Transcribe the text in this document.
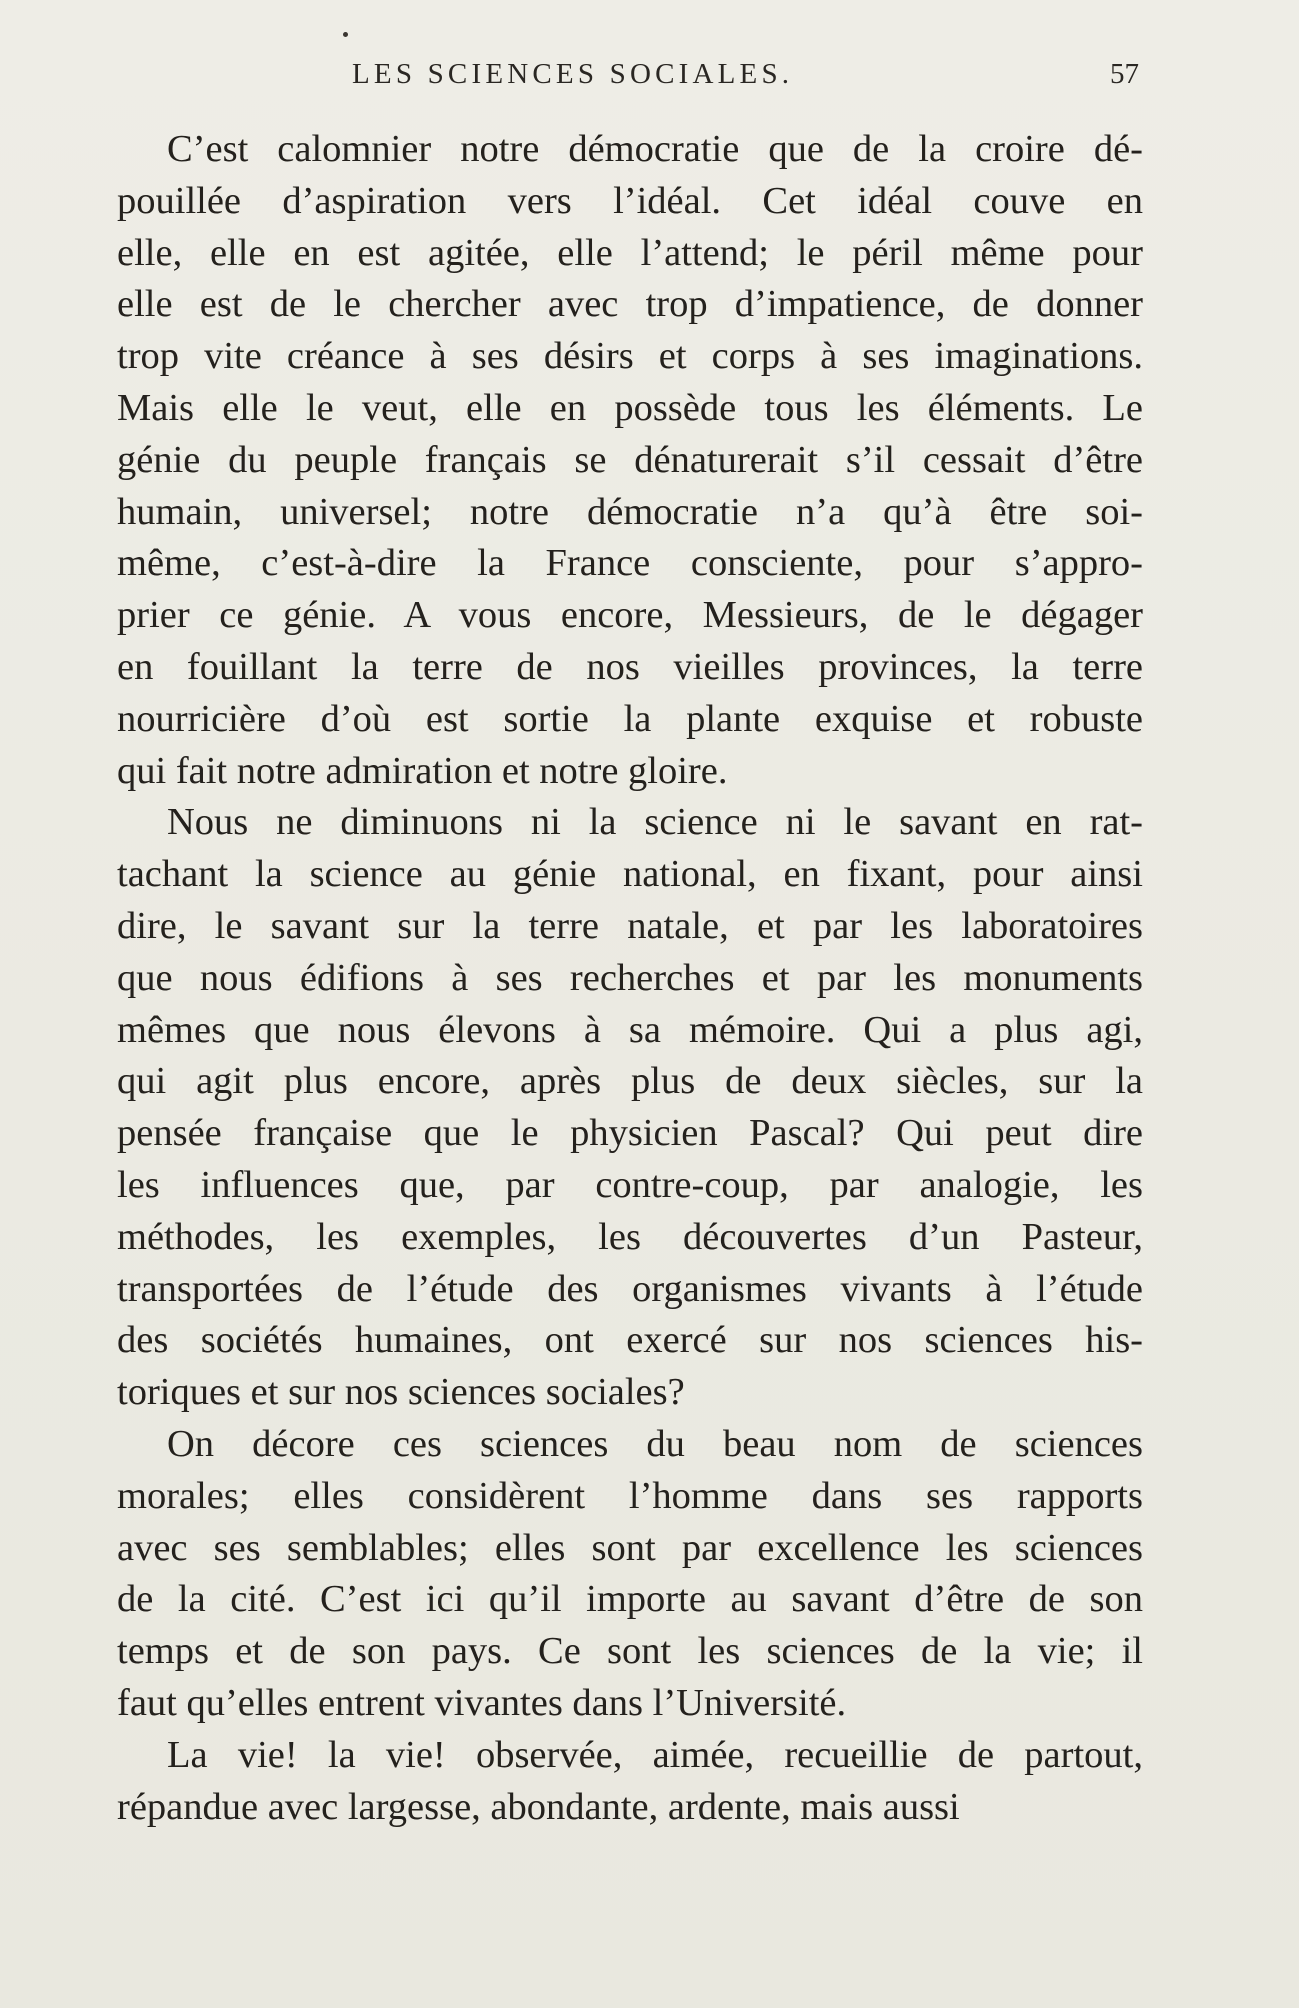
LES SCIENCES SOCIALES.	57
C’est calomnier notre démocratie que de la croire dé-
pouillée d’aspiration vers l’idéal. Cet idéal couve en
elle, elle en est agitée, elle l’attend; le péril même pour
elle est de le chercher avec trop d’impatience, de donner
trop vite créance à ses désirs et corps à ses imaginations.
Mais elle le veut, elle en possède tous les éléments. Le
génie du peuple français se dénaturerait s’il cessait d’être
humain, universel; notre démocratie n’a qu’à être soi-
même, c’est-à-dire la France consciente, pour s’appro-
prier ce génie. A vous encore, Messieurs, de le dégager
en fouillant la terre de nos vieilles provinces, la terre
nourricière d’où est sortie la plante exquise et robuste
qui fait notre admiration et notre gloire.
Nous ne diminuons ni la science ni le savant en rat-
tachant la science au génie national, en fixant, pour ainsi
dire, le savant sur la terre natale, et par les laboratoires
que nous édifions à ses recherches et par les monuments
mêmes que nous élevons à sa mémoire. Qui a plus agi,
qui agit plus encore, après plus de deux siècles, sur la
pensée française que le physicien Pascal? Qui peut dire
les influences que, par contre-coup, par analogie, les
méthodes, les exemples, les découvertes d’un Pasteur,
transportées de l’étude des organismes vivants à l’étude
des sociétés humaines, ont exercé sur nos sciences his-
toriques et sur nos sciences sociales?
On décore ces sciences du beau nom de sciences
morales; elles considèrent l’homme dans ses rapports
avec ses semblables; elles sont par excellence les sciences
de la cité. C’est ici qu’il importe au savant d’être de son
temps et de son pays. Ce sont les sciences de la vie; il
faut qu’elles entrent vivantes dans l’Université.
La vie! la vie! observée, aimée, recueillie de partout,
répandue avec largesse, abondante, ardente, mais aussi
